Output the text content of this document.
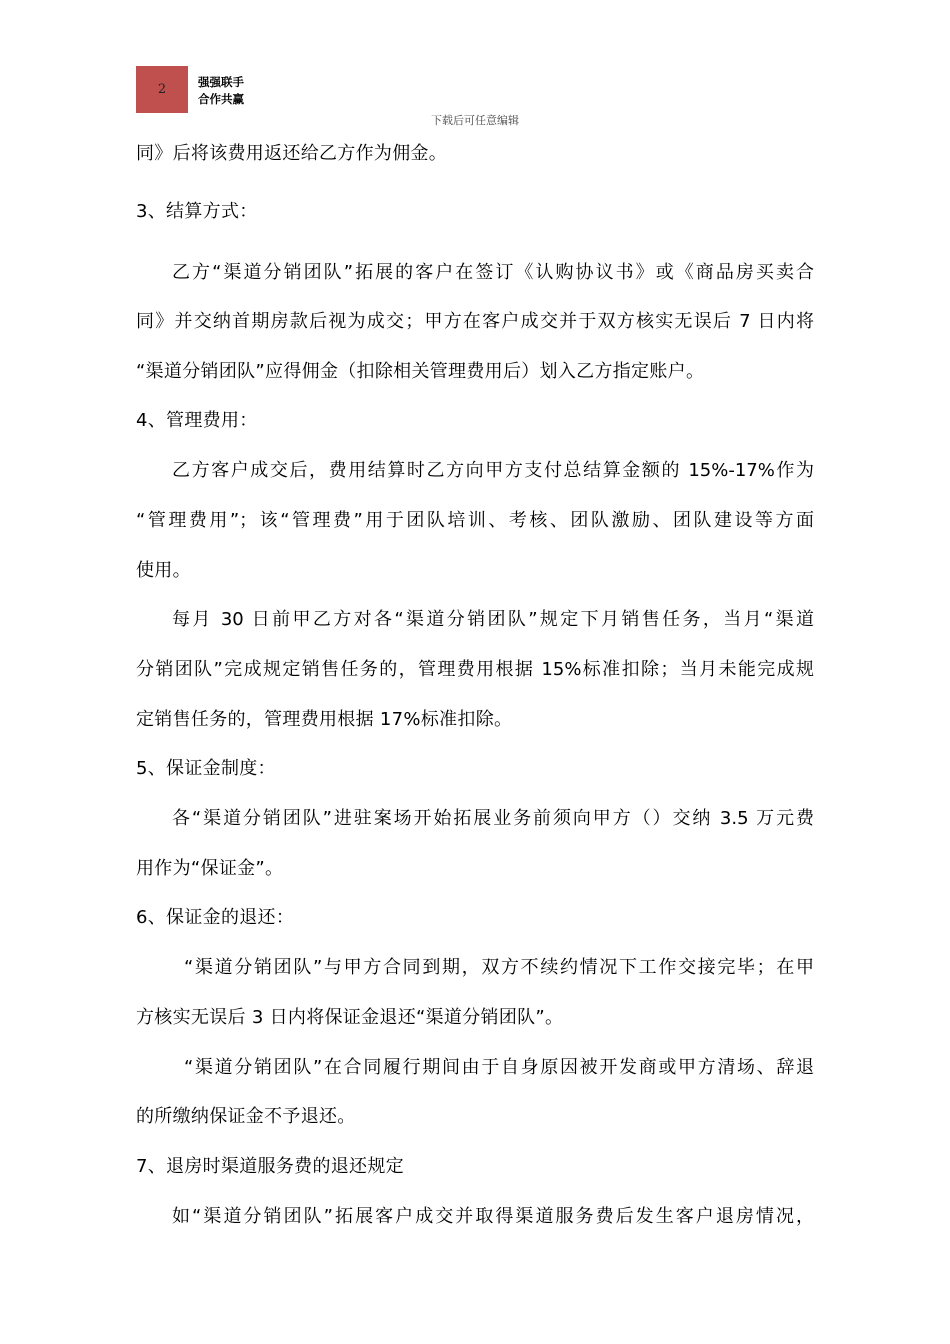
2	强强联手
合作共赢
下载后可任意编辑
同》后将该费用返还给乙方作为佣金。
3、结算方式：
乙方“渠道分销团队”拓展的客户在签订《认购协议书》或《商品房买卖合
同》并交纳首期房款后视为成交；甲方在客户成交并于双方核实无误后 7 日内将
“渠道分销团队”应得佣金（扣除相关管理费用后）划入乙方指定账户。
4、管理费用：
乙方客户成交后，费用结算时乙方向甲方支付总结算金额的 15%-17%作为
“管理费用”；该“管理费”用于团队培训、考核、团队激励、团队建设等方面
使用。
每月 30 日前甲乙方对各“渠道分销团队”规定下月销售任务，当月“渠道
分销团队”完成规定销售任务的，管理费用根据 15%标准扣除；当月未能完成规
定销售任务的，管理费用根据 17%标准扣除。
5、保证金制度：
各“渠道分销团队”进驻案场开始拓展业务前须向甲方（）交纳 3.5 万元费
用作为“保证金”。
6、保证金的退还：
“渠道分销团队”与甲方合同到期，双方不续约情况下工作交接完毕；在甲
方核实无误后 3 日内将保证金退还“渠道分销团队”。
“渠道分销团队”在合同履行期间由于自身原因被开发商或甲方清场、辞退
的所缴纳保证金不予退还。
7、退房时渠道服务费的退还规定
如“渠道分销团队”拓展客户成交并取得渠道服务费后发生客户退房情况，
